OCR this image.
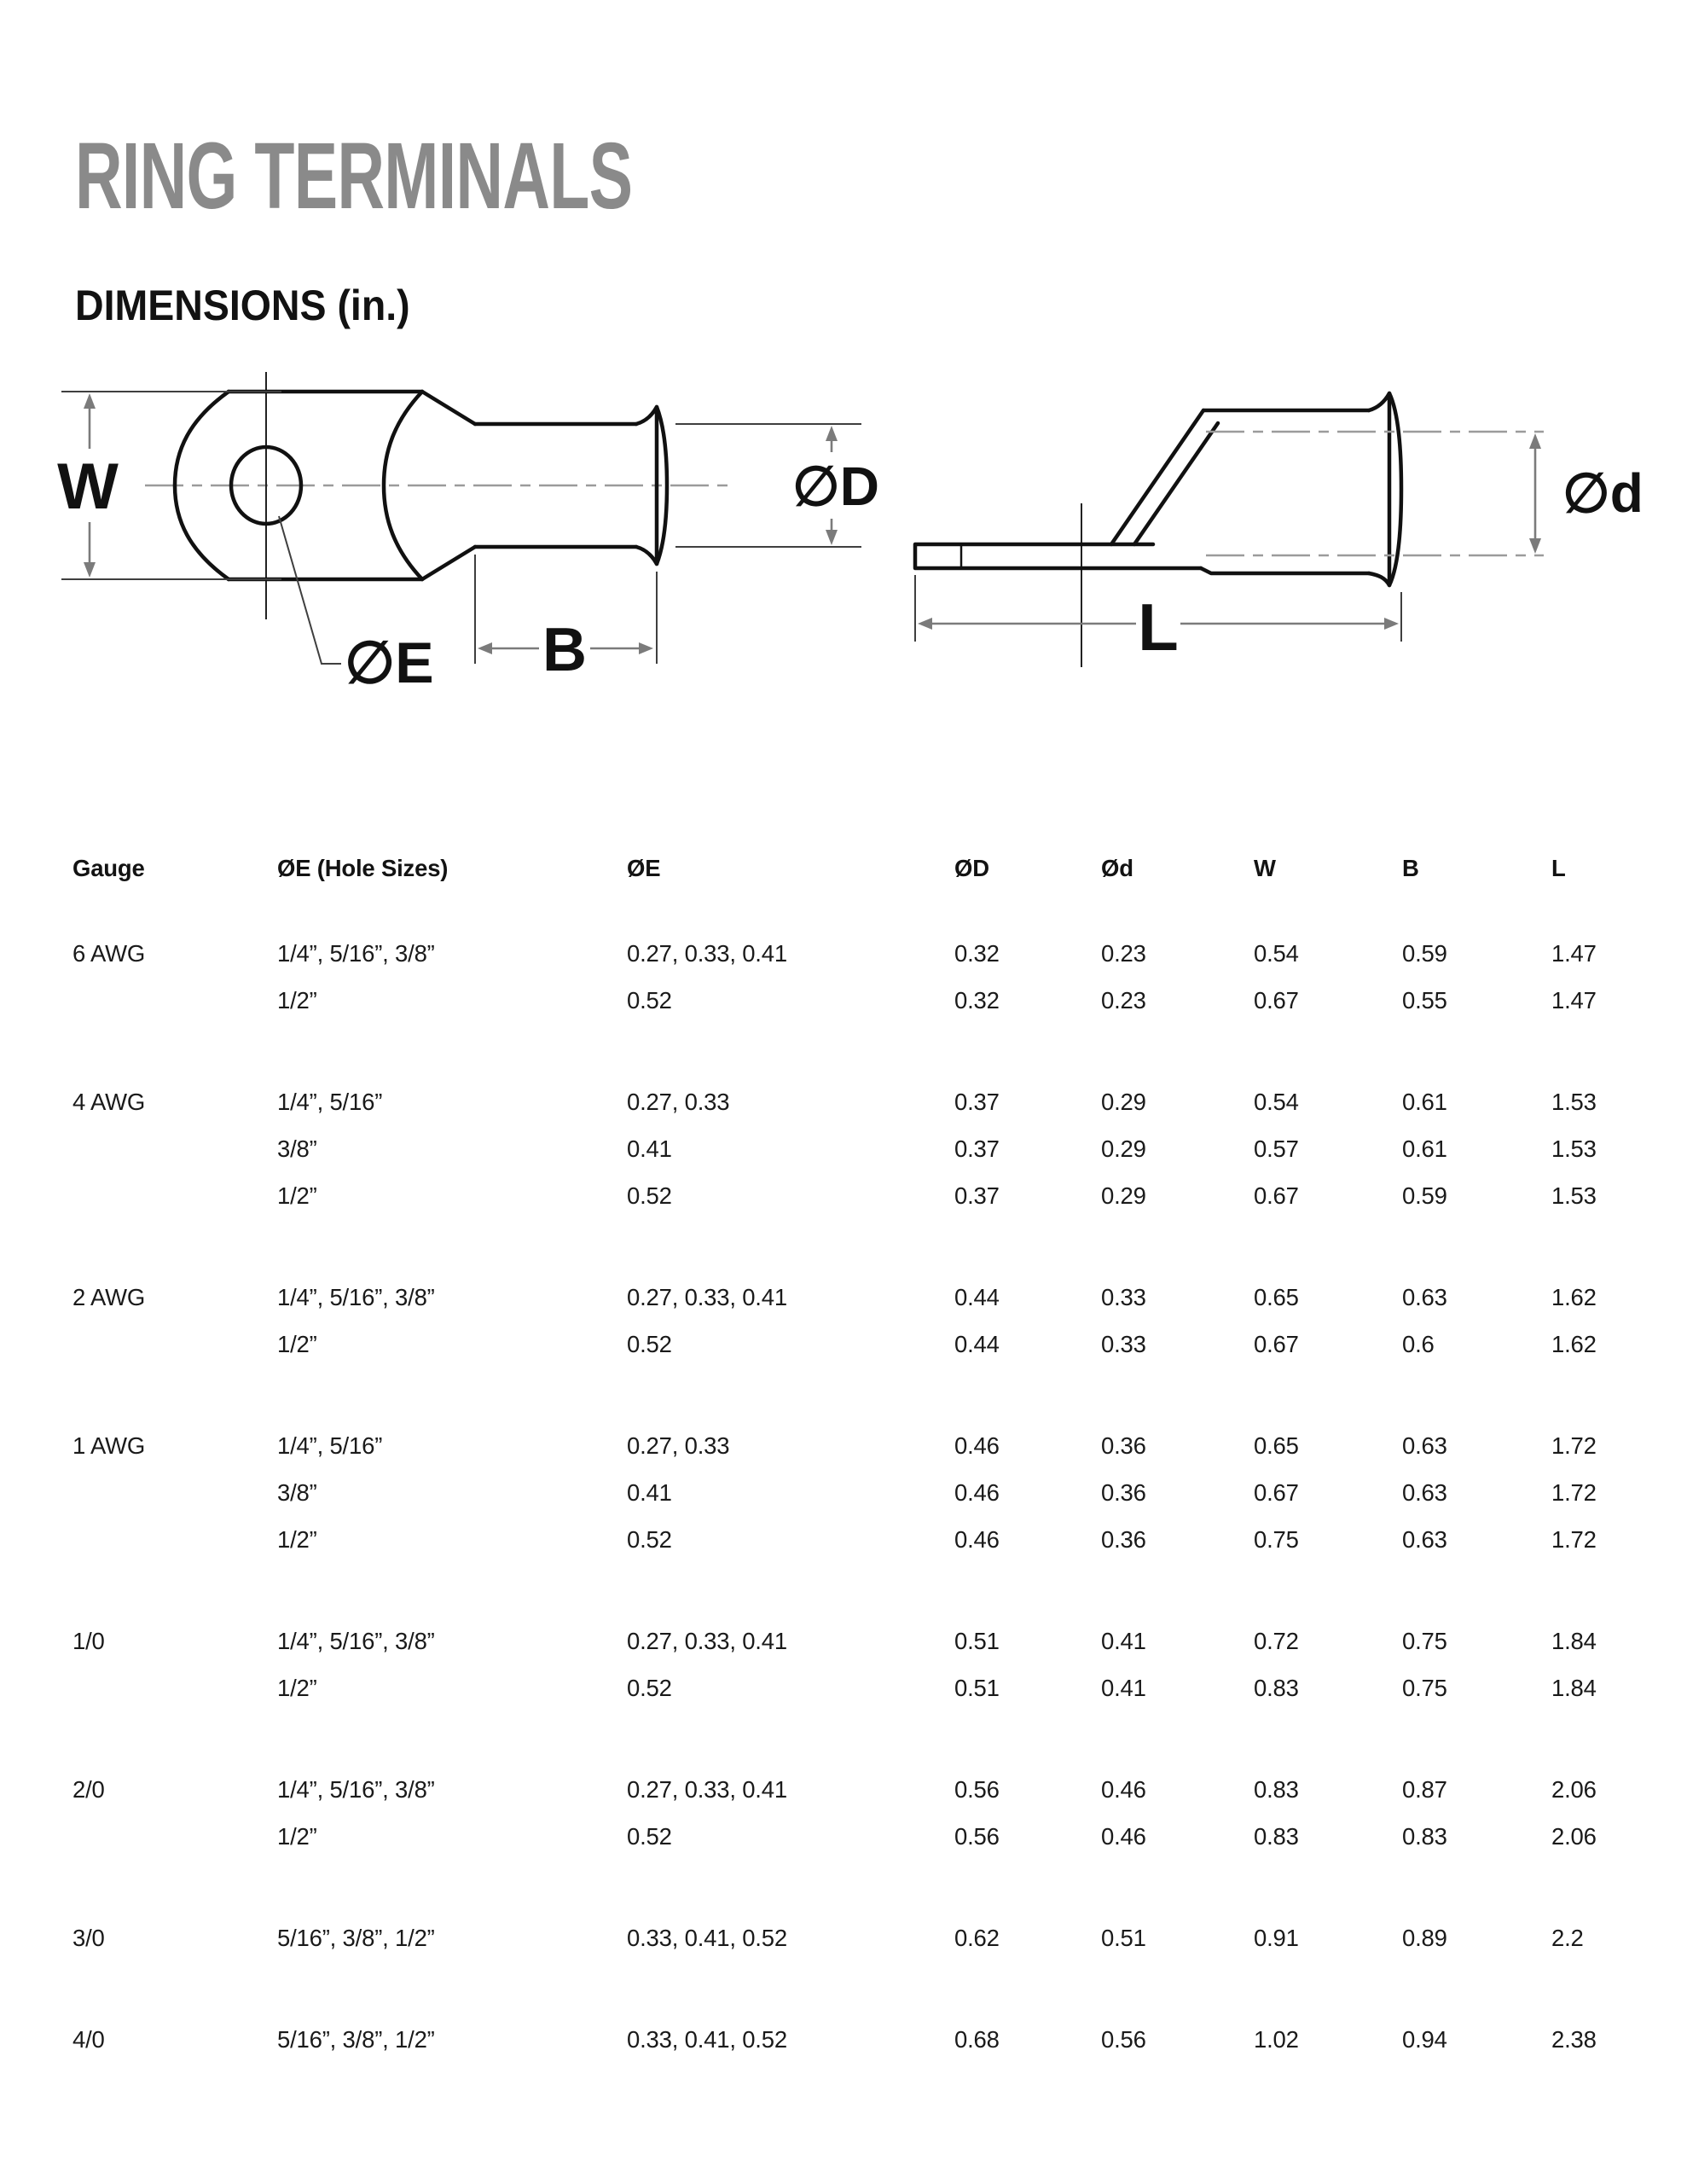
RING TERMINALS
DIMENSIONS (in.)
W	∅D
B
∅E
∅d
L
Gauge	ØE (Hole Sizes)	ØE	ØD	Ød	W	B	L
6 AWG	1/4”, 5/16”, 3/8”	0.27, 0.33, 0.41	0.32	0.23	0.54	0.59	1.47
1/2”	0.52	0.32	0.23	0.67	0.55	1.47
4 AWG	1/4”, 5/16”	0.27, 0.33	0.37	0.29	0.54	0.61	1.53
3/8”	0.41	0.37	0.29	0.57	0.61	1.53
1/2”	0.52	0.37	0.29	0.67	0.59	1.53
2 AWG	1/4”, 5/16”, 3/8”	0.27, 0.33, 0.41	0.44	0.33	0.65	0.63	1.62
1/2”	0.52	0.44	0.33	0.67	0.6	1.62
1 AWG	1/4”, 5/16”	0.27, 0.33	0.46	0.36	0.65	0.63	1.72
3/8”	0.41	0.46	0.36	0.67	0.63	1.72
1/2”	0.52	0.46	0.36	0.75	0.63	1.72
1/0	1/4”, 5/16”, 3/8”	0.27, 0.33, 0.41	0.51	0.41	0.72	0.75	1.84
1/2”	0.52	0.51	0.41	0.83	0.75	1.84
2/0	1/4”, 5/16”, 3/8”	0.27, 0.33, 0.41	0.56	0.46	0.83	0.87	2.06
1/2”	0.52	0.56	0.46	0.83	0.83	2.06
3/0	5/16”, 3/8”, 1/2”	0.33, 0.41, 0.52	0.62	0.51	0.91	0.89	2.2
4/0	5/16”, 3/8”, 1/2”	0.33, 0.41, 0.52	0.68	0.56	1.02	0.94	2.38
